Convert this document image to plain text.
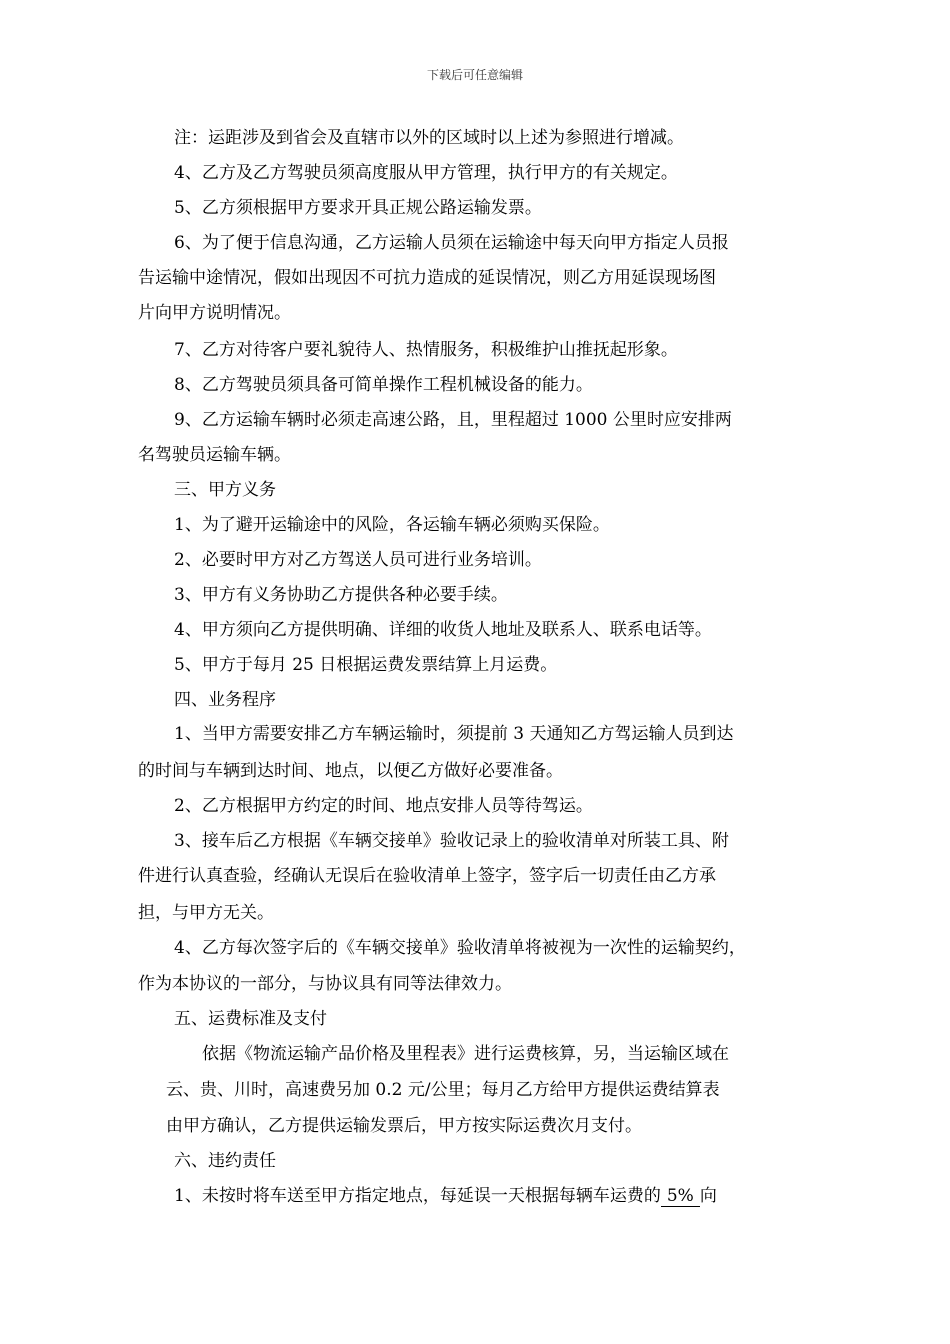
下载后可任意编辑
注：运距涉及到省会及直辖市以外的区域时以上述为参照进行增减。
4、乙方及乙方驾驶员须高度服从甲方管理，执行甲方的有关规定。
5、乙方须根据甲方要求开具正规公路运输发票。
6、为了便于信息沟通，乙方运输人员须在运输途中每天向甲方指定人员报
告运输中途情况，假如出现因不可抗力造成的延误情况，则乙方用延误现场图
片向甲方说明情况。
7、乙方对待客户要礼貌待人、热情服务，积极维护山推抚起形象。
8、乙方驾驶员须具备可简单操作工程机械设备的能力。
9、乙方运输车辆时必须走高速公路，且，里程超过 1000 公里时应安排两
名驾驶员运输车辆。
三、甲方义务
1、为了避开运输途中的风险，各运输车辆必须购买保险。
2、必要时甲方对乙方驾送人员可进行业务培训。
3、甲方有义务协助乙方提供各种必要手续。
4、甲方须向乙方提供明确、详细的收货人地址及联系人、联系电话等。
5、甲方于每月 25 日根据运费发票结算上月运费。
四、业务程序
1、当甲方需要安排乙方车辆运输时，须提前 3 天通知乙方驾运输人员到达
的时间与车辆到达时间、地点，以便乙方做好必要准备。
2、乙方根据甲方约定的时间、地点安排人员等待驾运。
3、接车后乙方根据《车辆交接单》验收记录上的验收清单对所装工具、附
件进行认真查验，经确认无误后在验收清单上签字，签字后一切责任由乙方承
担，与甲方无关。
4、乙方每次签字后的《车辆交接单》验收清单将被视为一次性的运输契约，
作为本协议的一部分，与协议具有同等法律效力。
五、运费标准及支付
依据《物流运输产品价格及里程表》进行运费核算，另，当运输区域在
云、贵、川时，高速费另加 0.2 元/公里；每月乙方给甲方提供运费结算表
由甲方确认，乙方提供运输发票后，甲方按实际运费次月支付。
六、违约责任
1、未按时将车送至甲方指定地点，每延误一天根据每辆车运费的 5% 向
